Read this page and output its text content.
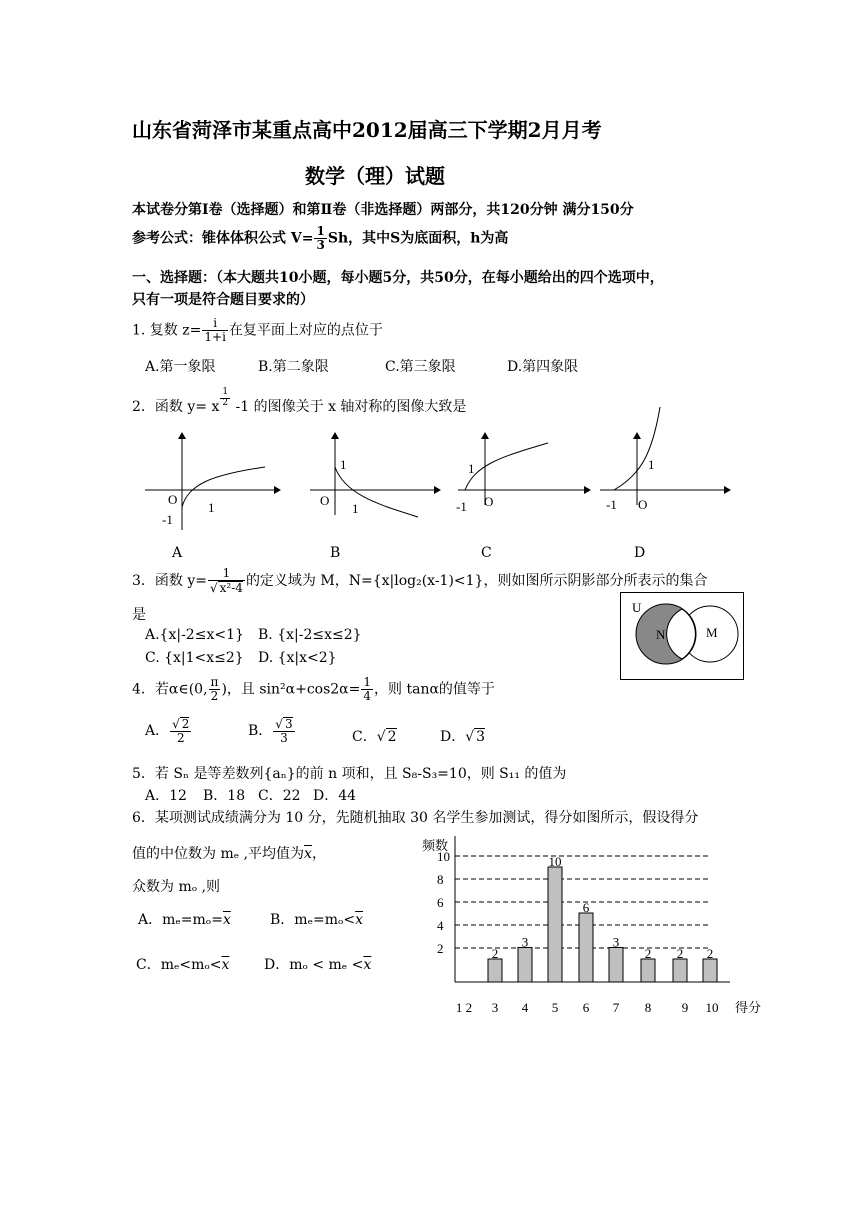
山东省菏泽市某重点高中2012届高三下学期2月月考
数学（理）试题
本试卷分第Ⅰ卷（选择题）和第Ⅱ卷（非选择题）两部分，共120分钟 满分150分
参考公式：锥体体积公式 $V= \frac{1}{3}$ Sh，其中S为底面积，h为高
一、选择题：（本大题共10小题，每小题5分，共50分，在每小题给出的四个选项中，
只有一项是符合题目要求的）
1. 复数 $z= \frac{i}{1+i}$ 在复平面上对应的点位于
A.第一象限	B.第二象限	C.第三象限	D.第四象限
2．函数 y= x $^{\frac{1}{2}}$ -1 的图像关于 x 轴对称的图像大致是
O
-1
1
1
O
1
1
-1 O
1
-1 O
A	B	C	D
3．函数 $y= \frac{1}{\text{√ x²-4}}$ 的定义域为 M，N={x|log₂(x-1)<1}，则如图所示阴影部分所表示的集合
是
A.{x|-2≤x<1} B. {x|-2≤x≤2}
C. {x|1<x≤2} D. {x|x<2}
U
N	M
4．若α∈(0, $\frac{\pi}{2}$ )，且 $\sin^2\alpha+\cos 2\alpha= \frac{1}{4}$ ，则 tanα的值等于
A． $\frac{√ 2}{2}$	B． $\frac{√ 3}{3}$	C．√ 2	D．√ 3
5．若 Sₙ 是等差数列{aₙ}的前 n 项和，且 S₈-S₃=10，则 S₁₁ 的值为
A．12 B．18 C．22 D．44
6．某项测试成绩满分为 10 分，先随机抽取 30 名学生参加测试，得分如图所示，假设得分
值的中位数为 mₑ ,平均值为$\overline{x}$，
众数为 mₒ ,则
A．$m_e=m_o=\overline{x}$	B．$m_e=m_o<\overline{x}$
C．$m_e<m_o<\overline{x}$ D．$m_o < m_e <\overline{x}$
频数
2
4
6
8
10
2
3
10
6
3
2 2 2
1 2 3 4 5 6 7 8 9 10 得分
